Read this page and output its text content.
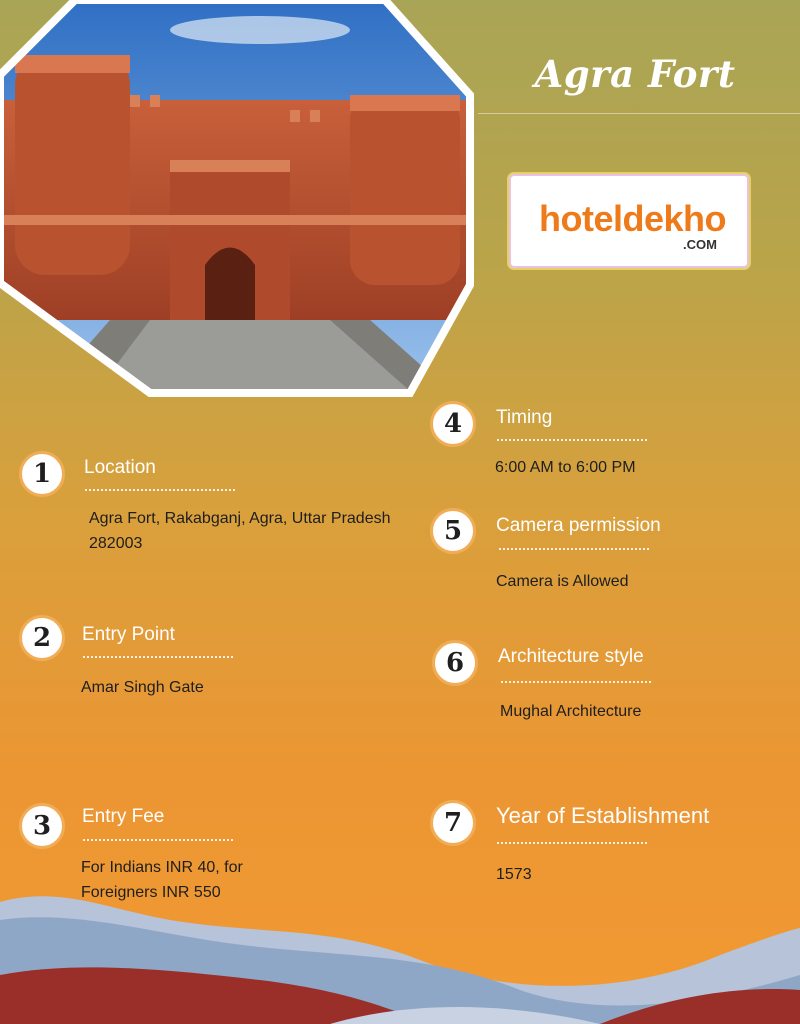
Agra Fort
hoteldekho
.COM
1	Location
Agra Fort, Rakabganj, Agra, Uttar Pradesh 282003
2	Entry Point
Amar Singh Gate
3	Entry Fee
For Indians INR 40, for Foreigners INR 550
4	Timing
6:00 AM to 6:00 PM
5	Camera permission
Camera is Allowed
6	Architecture style
Mughal Architecture
7	Year of Establishment
1573
